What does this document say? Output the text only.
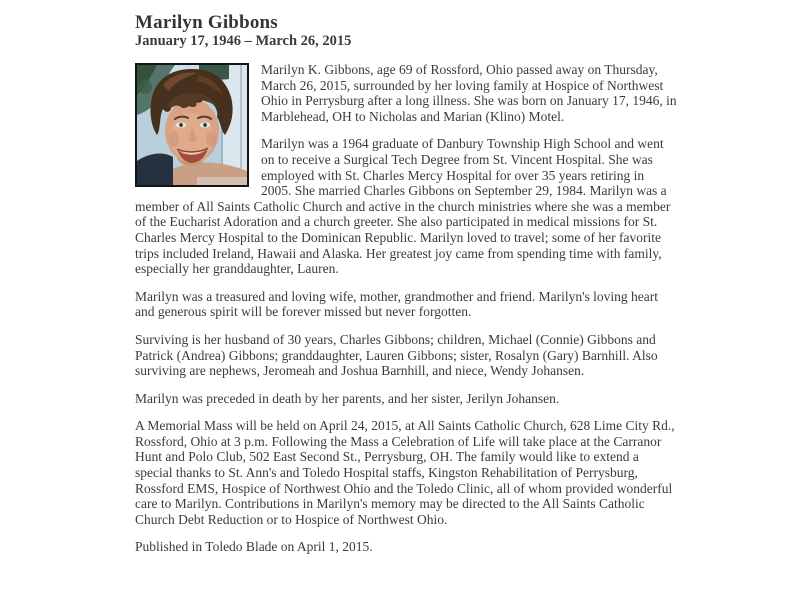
Marilyn Gibbons
January 17, 1946 – March 26, 2015

Marilyn K. Gibbons, age 69 of Rossford, Ohio passed away on Thursday, March 26, 2015, surrounded by her loving family at Hospice of Northwest Ohio in Perrysburg after a long illness. She was born on January 17, 1946, in Marblehead, OH to Nicholas and Marian (Klino) Motel.

Marilyn was a 1964 graduate of Danbury Township High School and went on to receive a Surgical Tech Degree from St. Vincent Hospital. She was employed with St. Charles Mercy Hospital for over 35 years retiring in 2005. She married Charles Gibbons on September 29, 1984. Marilyn was a member of All Saints Catholic Church and active in the church ministries where she was a member of the Eucharist Adoration and a church greeter. She also participated in medical missions for St. Charles Mercy Hospital to the Dominican Republic. Marilyn loved to travel; some of her favorite trips included Ireland, Hawaii and Alaska. Her greatest joy came from spending time with family, especially her granddaughter, Lauren.

Marilyn was a treasured and loving wife, mother, grandmother and friend. Marilyn's loving heart and generous spirit will be forever missed but never forgotten.

Surviving is her husband of 30 years, Charles Gibbons; children, Michael (Connie) Gibbons and Patrick (Andrea) Gibbons; granddaughter, Lauren Gibbons; sister, Rosalyn (Gary) Barnhill. Also surviving are nephews, Jeromeah and Joshua Barnhill, and niece, Wendy Johansen.

Marilyn was preceded in death by her parents, and her sister, Jerilyn Johansen.

A Memorial Mass will be held on April 24, 2015, at All Saints Catholic Church, 628 Lime City Rd., Rossford, Ohio at 3 p.m. Following the Mass a Celebration of Life will take place at the Carranor Hunt and Polo Club, 502 East Second St., Perrysburg, OH. The family would like to extend a special thanks to St. Ann's and Toledo Hospital staffs, Kingston Rehabilitation of Perrysburg, Rossford EMS, Hospice of Northwest Ohio and the Toledo Clinic, all of whom provided wonderful care to Marilyn. Contributions in Marilyn's memory may be directed to the All Saints Catholic Church Debt Reduction or to Hospice of Northwest Ohio.

Published in Toledo Blade on April 1, 2015.
